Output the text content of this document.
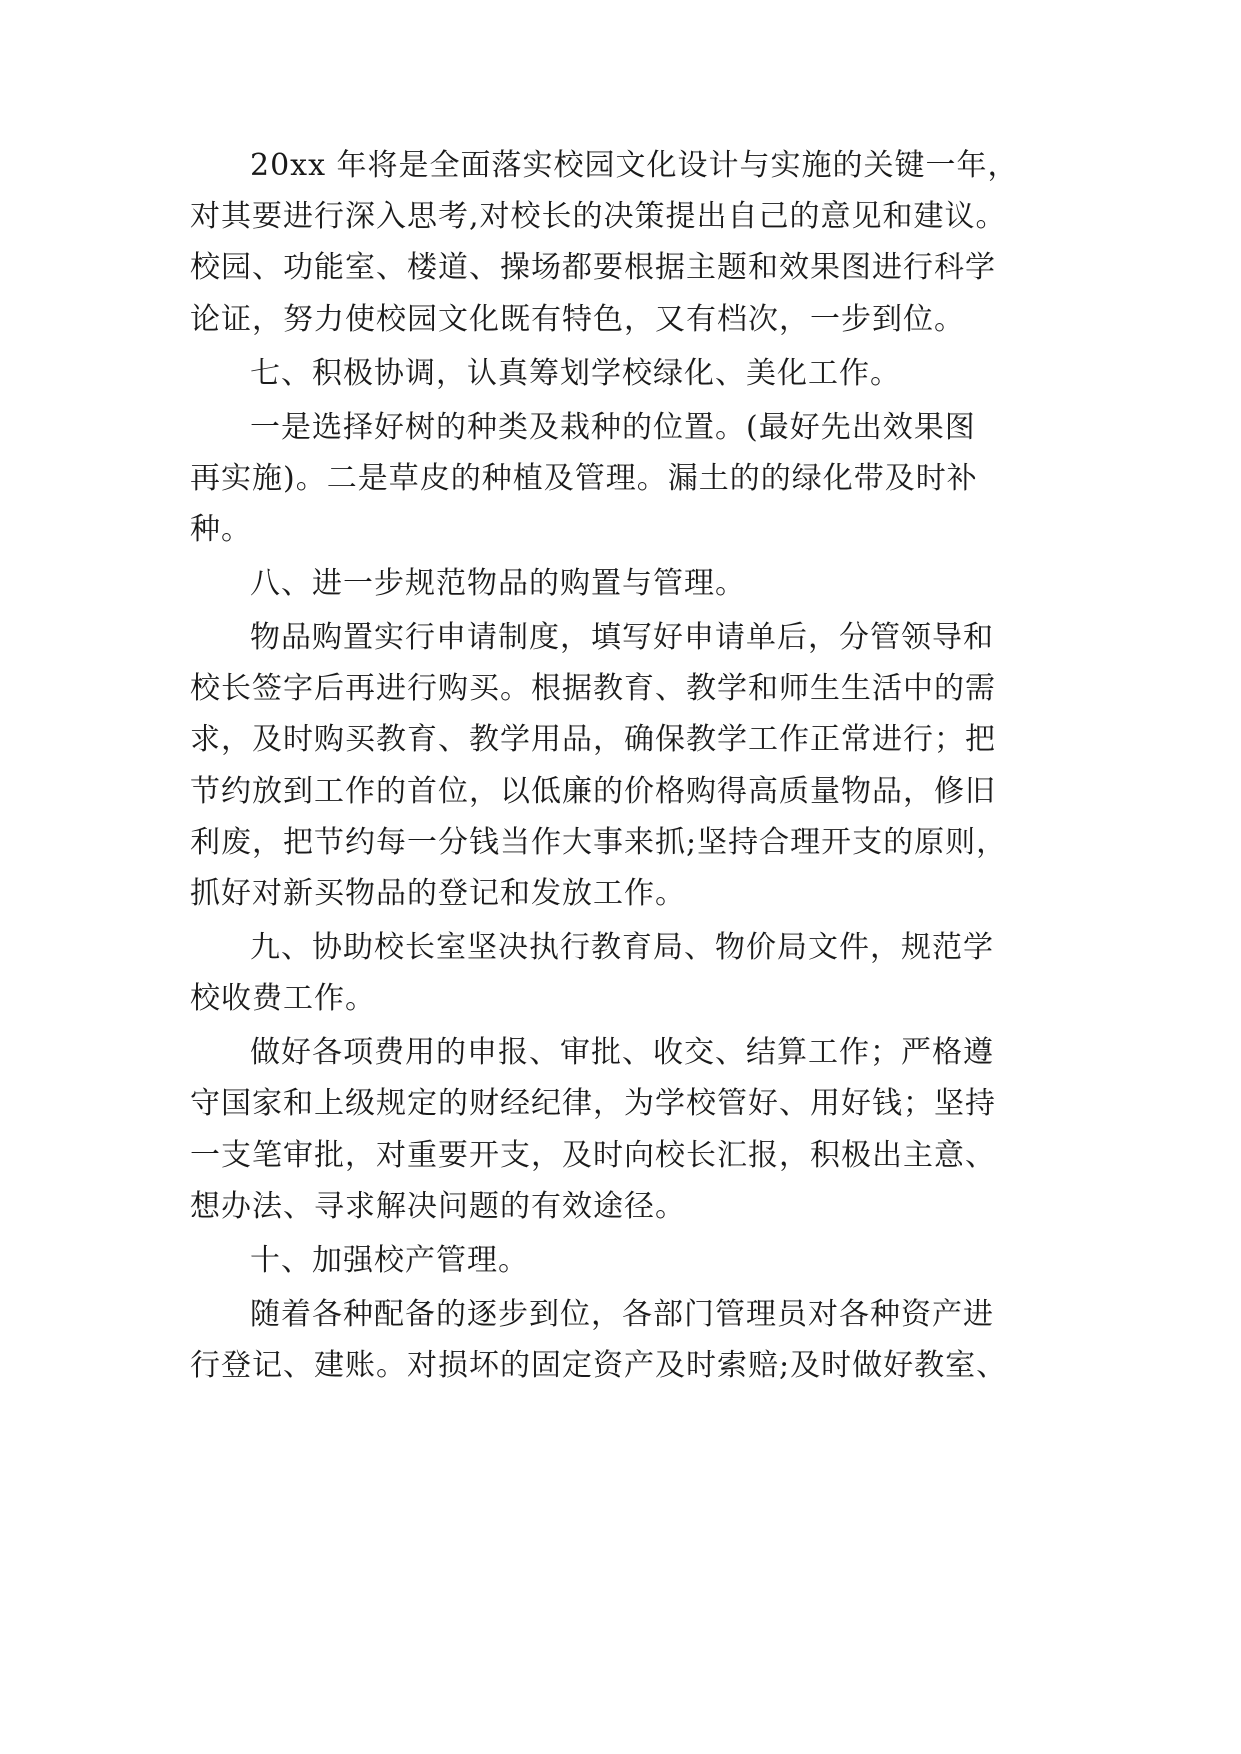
20xx 年将是全面落实校园文化设计与实施的关键一年，
对其要进行深入思考,对校长的决策提出自己的意见和建议。
校园、功能室、楼道、操场都要根据主题和效果图进行科学
论证，努力使校园文化既有特色，又有档次，一步到位。
七、积极协调，认真筹划学校绿化、美化工作。
一是选择好树的种类及栽种的位置。(最好先出效果图
再实施)。二是草皮的种植及管理。漏土的的绿化带及时补
种。
八、进一步规范物品的购置与管理。
物品购置实行申请制度，填写好申请单后，分管领导和
校长签字后再进行购买。根据教育、教学和师生生活中的需
求，及时购买教育、教学用品，确保教学工作正常进行；把
节约放到工作的首位，以低廉的价格购得高质量物品，修旧
利废，把节约每一分钱当作大事来抓;坚持合理开支的原则，
抓好对新买物品的登记和发放工作。
九、协助校长室坚决执行教育局、物价局文件，规范学
校收费工作。
做好各项费用的申报、审批、收交、结算工作；严格遵
守国家和上级规定的财经纪律，为学校管好、用好钱；坚持
一支笔审批，对重要开支，及时向校长汇报，积极出主意、
想办法、寻求解决问题的有效途径。
十、加强校产管理。
随着各种配备的逐步到位，各部门管理员对各种资产进
行登记、建账。对损坏的固定资产及时索赔;及时做好教室、
